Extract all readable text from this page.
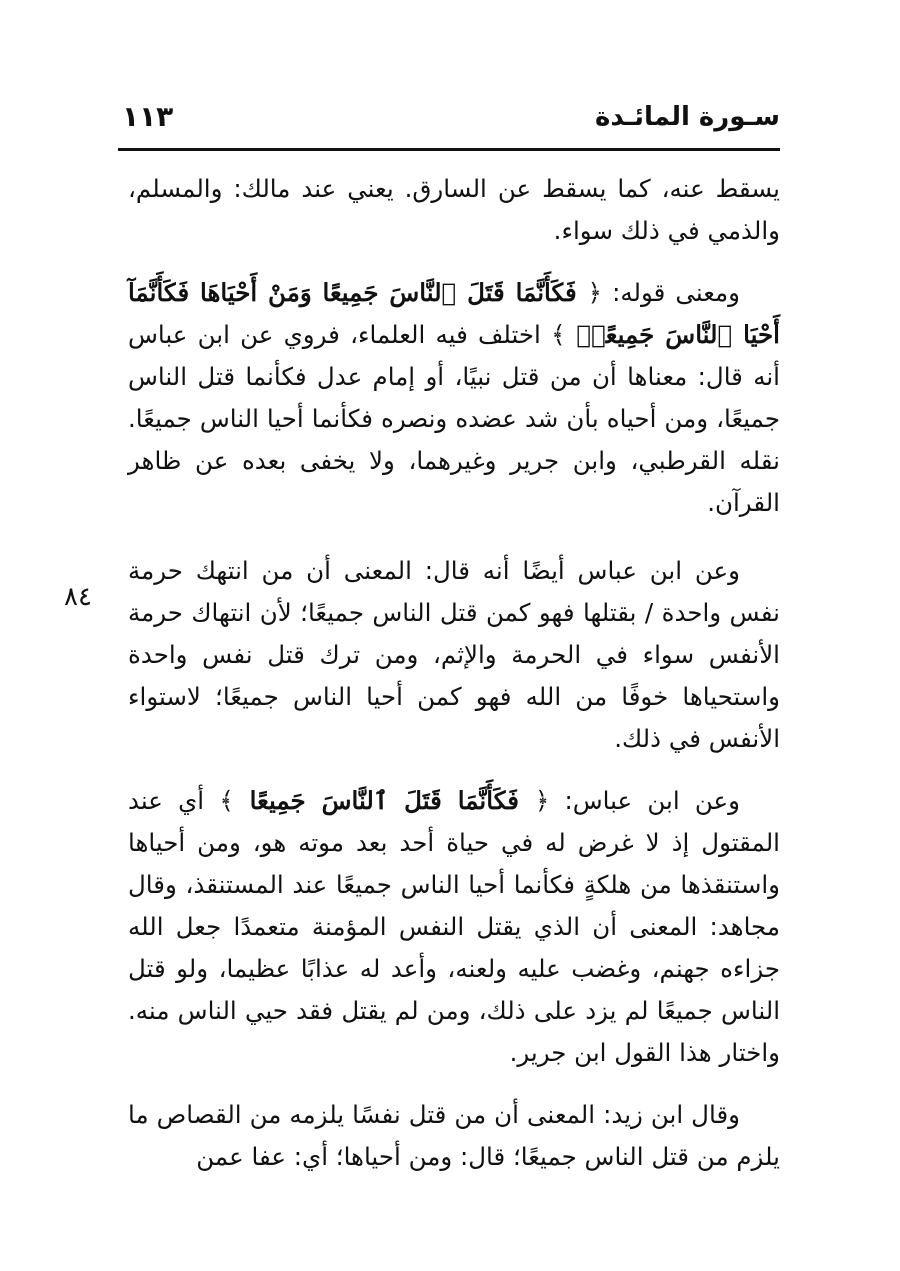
سـورة المائـدة
١١٣
٨٤

يسقط عنه، كما يسقط عن السارق. يعني عند مالك: والمسلم، والذمي في ذلك سواء.

ومعنى قوله: ﴿ فَكَأَنَّمَا قَتَلَ ٱلنَّاسَ جَمِيعًا وَمَنْ أَحْيَاهَا فَكَأَنَّمَآ أَحْيَا ٱلنَّاسَ جَمِيعًاۚ ﴾ اختلف فيه العلماء، فروي عن ابن عباس أنه قال: معناها أن من قتل نبيًا، أو إمام عدل فكأنما قتل الناس جميعًا، ومن أحياه بأن شد عضده ونصره فكأنما أحيا الناس جميعًا. نقله القرطبي، وابن جرير وغيرهما، ولا يخفى بعده عن ظاهر القرآن.

وعن ابن عباس أيضًا أنه قال: المعنى أن من انتهك حرمة نفس واحدة / بقتلها فهو كمن قتل الناس جميعًا؛ لأن انتهاك حرمة الأنفس سواء في الحرمة والإثم، ومن ترك قتل نفس واحدة واستحياها خوفًا من الله فهو كمن أحيا الناس جميعًا؛ لاستواء الأنفس في ذلك.

وعن ابن عباس: ﴿ فَكَأَنَّمَا قَتَلَ ٱلنَّاسَ جَمِيعًا ﴾ أي عند المقتول إذ لا غرض له في حياة أحد بعد موته هو، ومن أحياها واستنقذها من هلكةٍ فكأنما أحيا الناس جميعًا عند المستنقذ، وقال مجاهد: المعنى أن الذي يقتل النفس المؤمنة متعمدًا جعل الله جزاءه جهنم، وغضب عليه ولعنه، وأعد له عذابًا عظيما، ولو قتل الناس جميعًا لم يزد على ذلك، ومن لم يقتل فقد حيي الناس منه. واختار هذا القول ابن جرير.

وقال ابن زيد: المعنى أن من قتل نفسًا يلزمه من القصاص ما يلزم من قتل الناس جميعًا؛ قال: ومن أحياها؛ أي: عفا عمن
